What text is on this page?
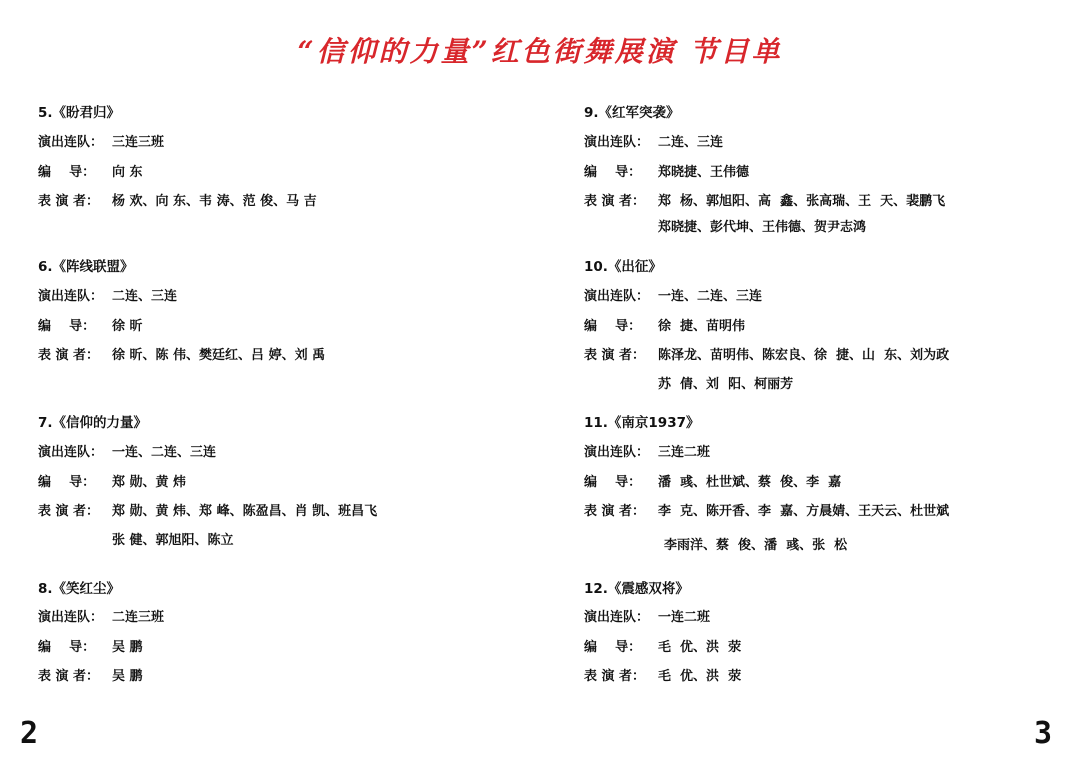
“信仰的力量”红色街舞展演 节目单
5.《盼君归》
演出连队： 三连三班
编    导： 向 东
表 演 者： 杨 欢、向 东、韦 涛、范 俊、马 吉
6.《阵线联盟》
演出连队： 二连、三连
编    导： 徐 昕
表 演 者： 徐 昕、陈 伟、樊廷红、吕 婷、刘 禹
7.《信仰的力量》
演出连队： 一连、二连、三连
编    导： 郑 勋、黄 炜
表 演 者： 郑 勋、黄 炜、郑 峰、陈盈昌、肖 凯、班昌飞
张 健、郭旭阳、陈立
8.《笑红尘》
演出连队： 二连三班
编    导： 吴 鹏
表 演 者： 吴 鹏
9.《红军突袭》
演出连队： 二连、三连
编    导： 郑晓捷、王伟德
表 演 者： 郑  杨、郭旭阳、高  鑫、张高瑞、王  天、裴鹏飞
郑晓捷、彭代坤、王伟德、贺尹志鸿
10.《出征》
演出连队： 一连、二连、三连
编    导： 徐  捷、苗明伟
表 演 者： 陈泽龙、苗明伟、陈宏良、徐  捷、山  东、刘为政
苏  倩、刘  阳、柯丽芳
11.《南京1937》
演出连队： 三连二班
编    导： 潘  彧、杜世斌、蔡  俊、李  嘉
表 演 者： 李  克、陈开香、李  嘉、方晨婧、王天云、杜世斌
李雨洋、蔡  俊、潘  彧、张  松
12.《震感双将》
演出连队： 一连二班
编    导： 毛  优、洪  荥
表 演 者： 毛  优、洪  荥
2	3
